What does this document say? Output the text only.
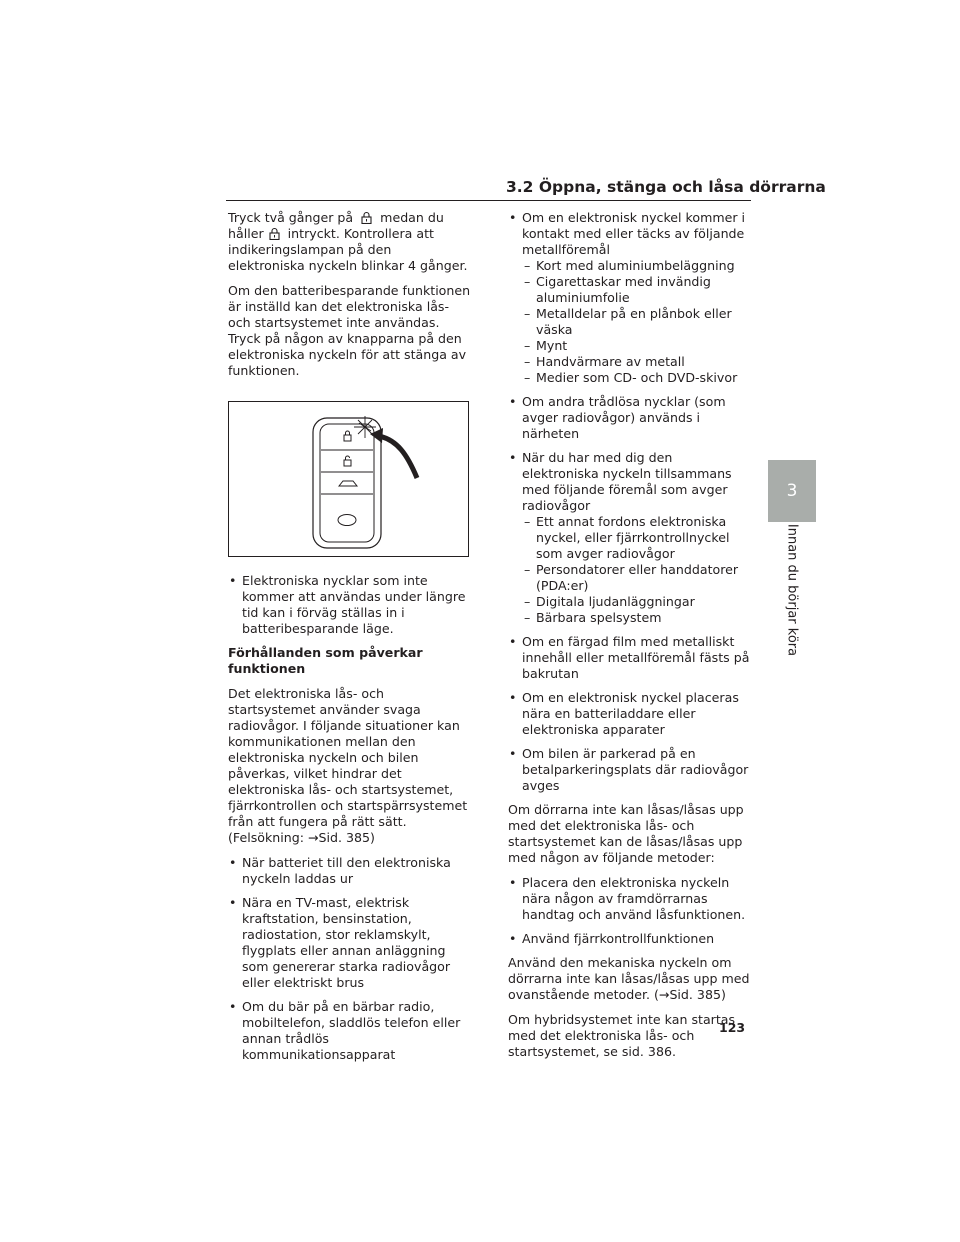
3.2 Öppna, stänga och låsa dörrarna

Tryck två gånger på medan du håller intryckt. Kontrollera att indikeringslampan på den elektroniska nyckeln blinkar 4 gånger.

Om den batteribesparande funktionen är inställd kan det elektroniska lås- och startsystemet inte användas. Tryck på någon av knapparna på den elektroniska nyckeln för att stänga av funktionen.

• Elektroniska nycklar som inte kommer att användas under längre tid kan i förväg ställas in i batteribesparande läge.
Förhållanden som påverkar funktionen

Det elektroniska lås- och startsystemet använder svaga radiovågor. I följande situationer kan kommunikationen mellan den elektroniska nyckeln och bilen påverkas, vilket hindrar det elektroniska lås- och startsystemet, fjärrkontrollen och startspärrsystemet från att fungera på rätt sätt. (Felsökning: →Sid. 385)

• När batteriet till den elektroniska nyckeln laddas ur
• Nära en TV-mast, elektrisk kraftstation, bensinstation, radiostation, stor reklamskylt, flygplats eller annan anläggning som genererar starka radiovågor eller elektriskt brus
• Om du bär på en bärbar radio, mobiltelefon, sladdlös telefon eller annan trådlös kommunikationsapparat
• Om en elektronisk nyckel kommer i kontakt med eller täcks av följande metallföremål
– Kort med aluminiumbeläggning
– Cigarettaskar med invändig aluminiumfolie
– Metalldelar på en plånbok eller väska
– Mynt
– Handvärmare av metall
– Medier som CD- och DVD-skivor
• Om andra trådlösa nycklar (som avger radiovågor) används i närheten
• När du har med dig den elektroniska nyckeln tillsammans med följande föremål som avger radiovågor
– Ett annat fordons elektroniska nyckel, eller fjärrkontrollnyckel som avger radiovågor
– Persondatorer eller handdatorer (PDA:er)
– Digitala ljudanläggningar
– Bärbara spelsystem
• Om en färgad film med metalliskt innehåll eller metallföremål fästs på bakrutan
• Om en elektronisk nyckel placeras nära en batteriladdare eller elektroniska apparater
• Om bilen är parkerad på en betalparkeringsplats där radiovågor avges

Om dörrarna inte kan låsas/låsas upp med det elektroniska lås- och startsystemet kan de låsas/låsas upp med någon av följande metoder:

• Placera den elektroniska nyckeln nära någon av framdörrarnas handtag och använd låsfunktionen.
• Använd fjärrkontrollfunktionen

Använd den mekaniska nyckeln om dörrarna inte kan låsas/låsas upp med ovanstående metoder. (→Sid. 385)

Om hybridsystemet inte kan startas med det elektroniska lås- och startsystemet, se sid. 386.

3
Innan du börjar köra
123
